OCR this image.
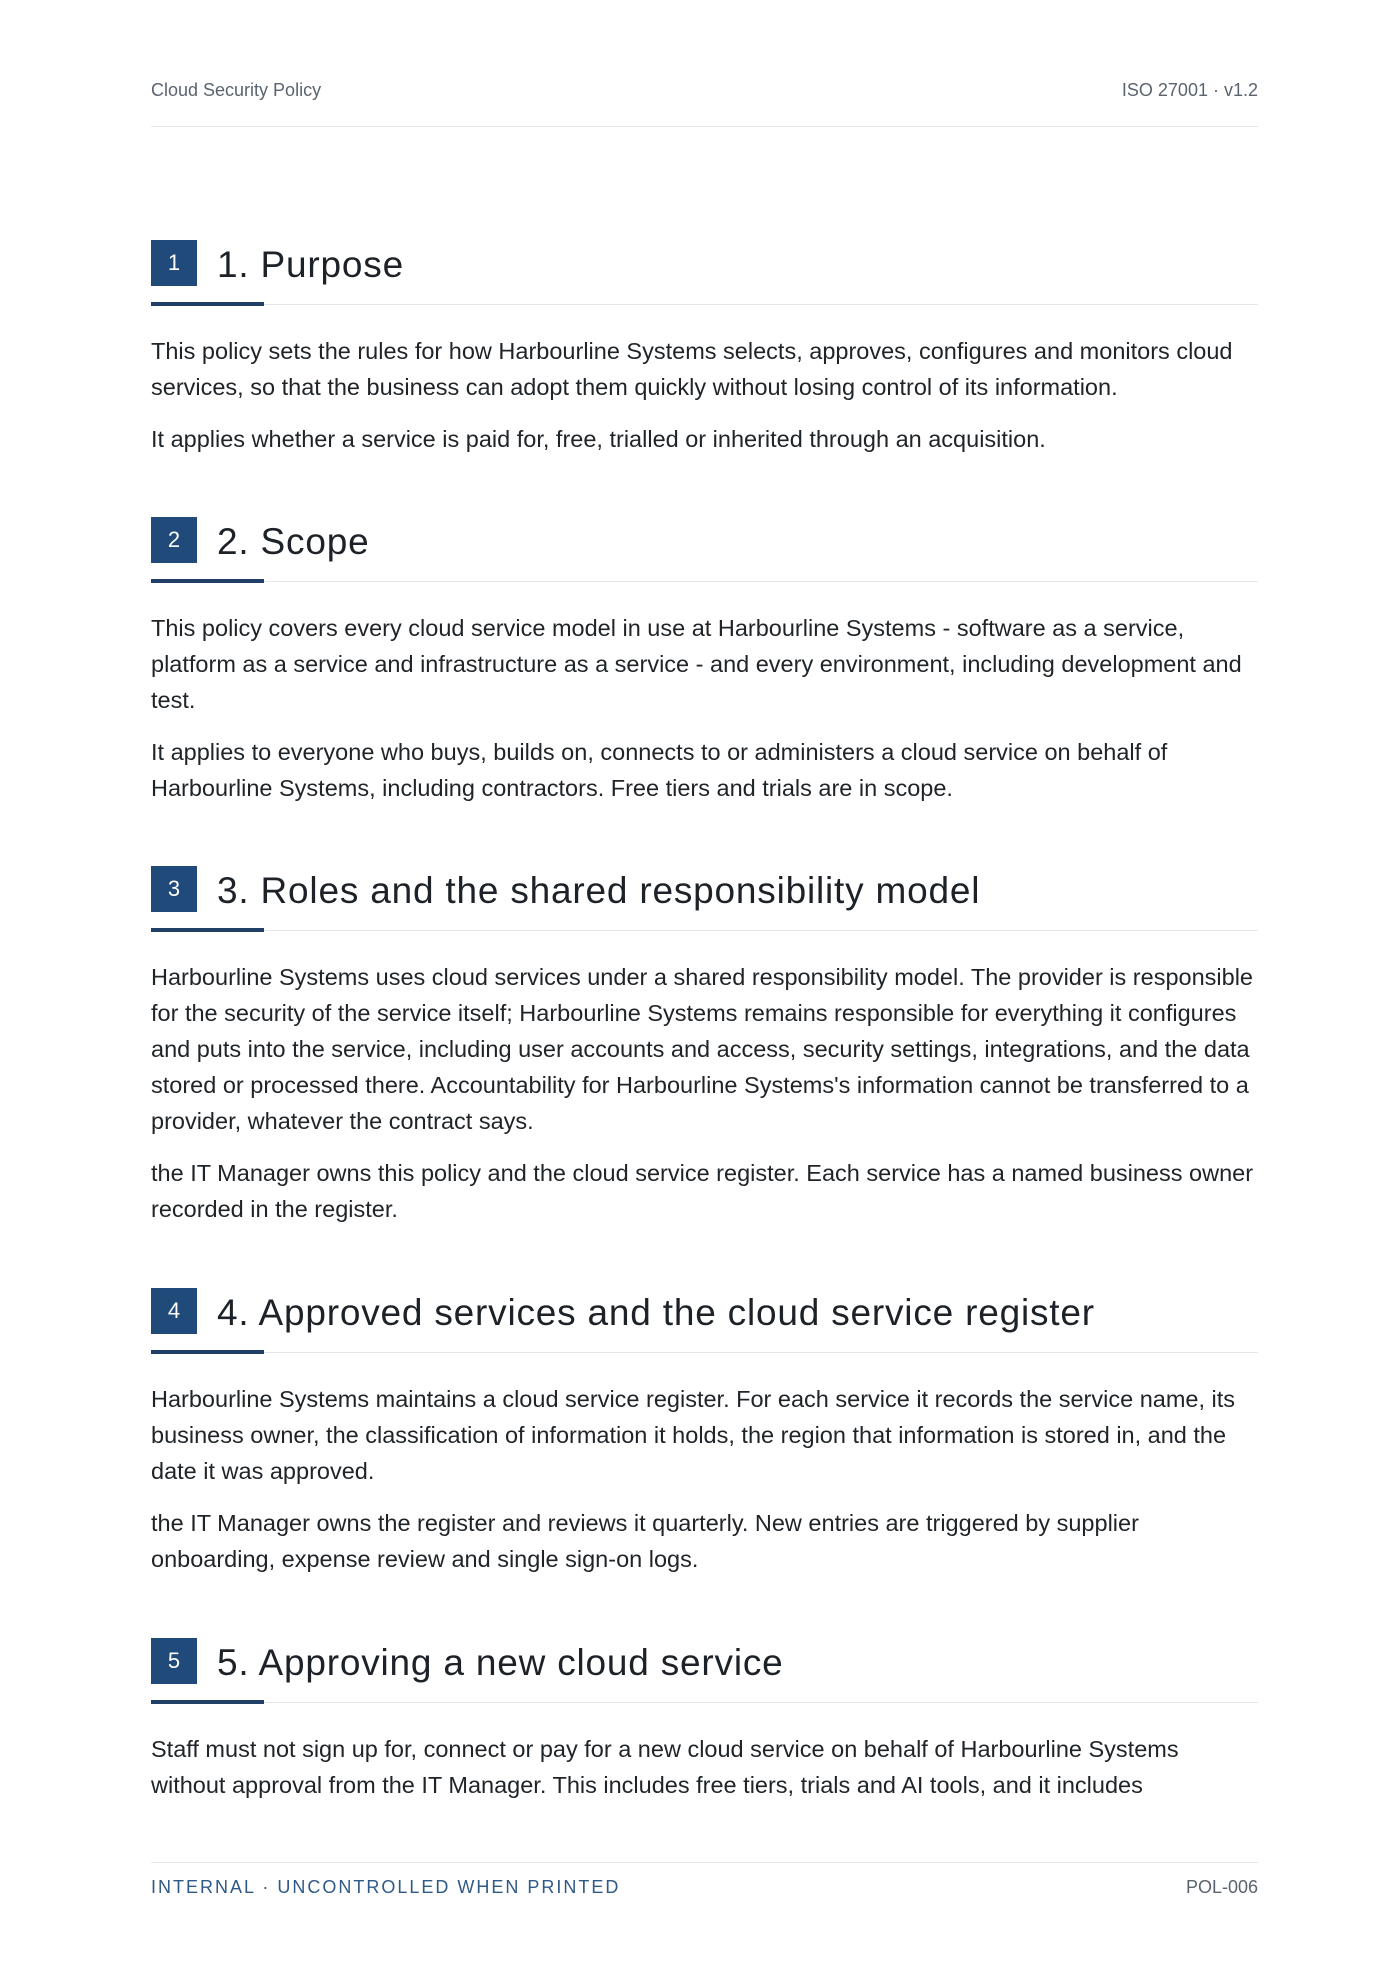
Cloud Security Policy	ISO 27001 · v1.2
1 1. Purpose

This policy sets the rules for how Harbourline Systems selects, approves, configures and monitors cloud services, so that the business can adopt them quickly without losing control of its information.

It applies whether a service is paid for, free, trialled or inherited through an acquisition.

2 2. Scope

This policy covers every cloud service model in use at Harbourline Systems - software as a service, platform as a service and infrastructure as a service - and every environment, including development and test.

It applies to everyone who buys, builds on, connects to or administers a cloud service on behalf of Harbourline Systems, including contractors. Free tiers and trials are in scope.

3 3. Roles and the shared responsibility model

Harbourline Systems uses cloud services under a shared responsibility model. The provider is responsible for the security of the service itself; Harbourline Systems remains responsible for everything it configures and puts into the service, including user accounts and access, security settings, integrations, and the data stored or processed there. Accountability for Harbourline Systems's information cannot be transferred to a provider, whatever the contract says.

the IT Manager owns this policy and the cloud service register. Each service has a named business owner recorded in the register.

4 4. Approved services and the cloud service register

Harbourline Systems maintains a cloud service register. For each service it records the service name, its business owner, the classification of information it holds, the region that information is stored in, and the date it was approved.

the IT Manager owns the register and reviews it quarterly. New entries are triggered by supplier onboarding, expense review and single sign-on logs.

5 5. Approving a new cloud service

Staff must not sign up for, connect or pay for a new cloud service on behalf of Harbourline Systems without approval from the IT Manager. This includes free tiers, trials and AI tools, and it includes

INTERNAL · UNCONTROLLED WHEN PRINTED	POL-006
